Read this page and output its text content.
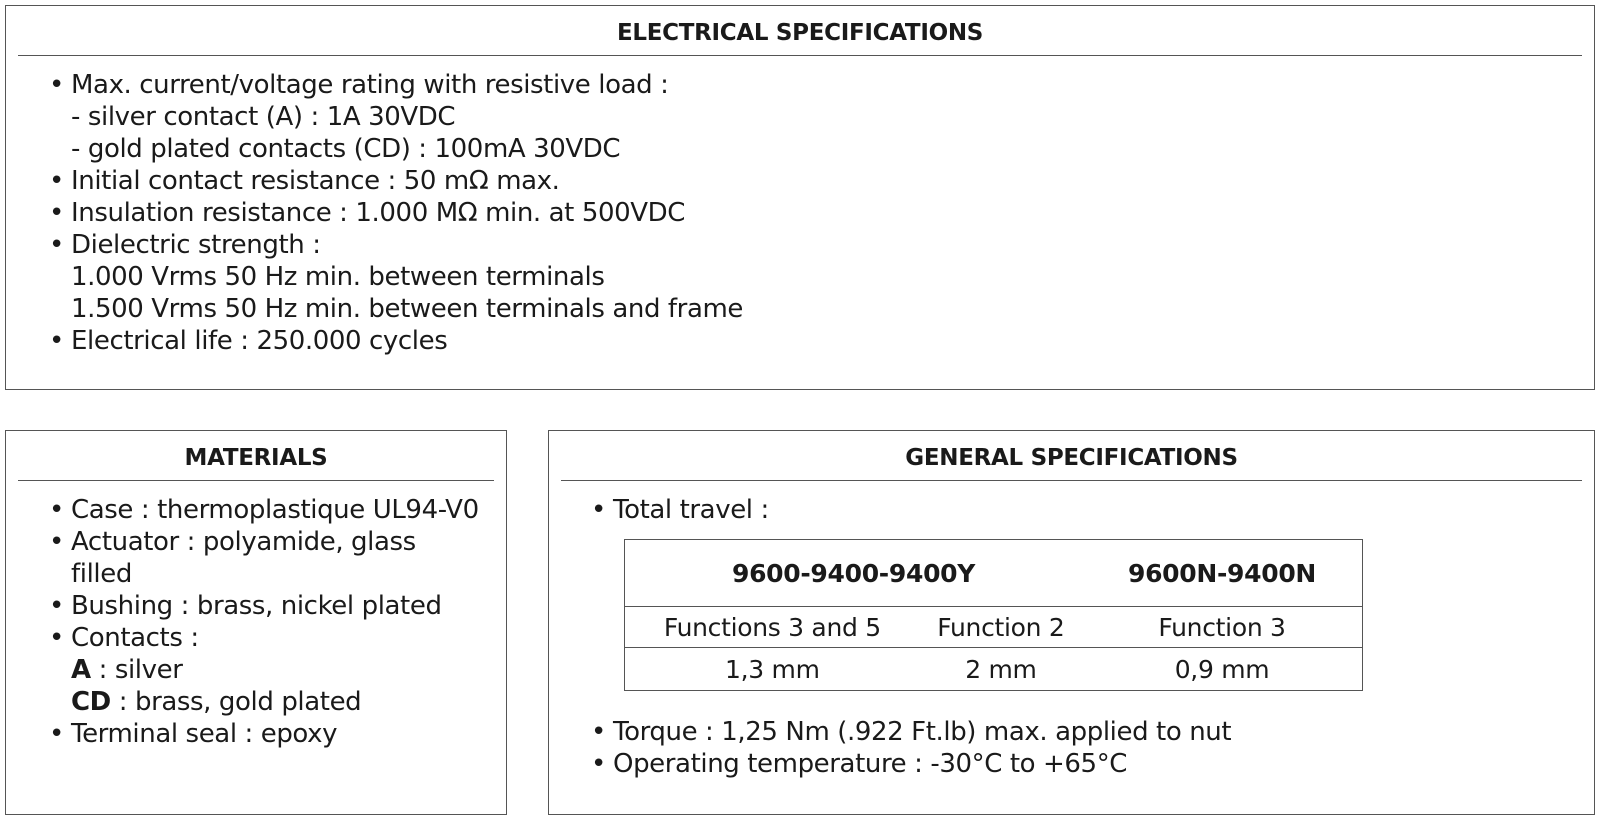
ELECTRICAL SPECIFICATIONS
• Max. current/voltage rating with resistive load :
- silver contact (A) : 1A 30VDC
- gold plated contacts (CD) : 100mA 30VDC
• Initial contact resistance : 50 mΩ max.
• Insulation resistance : 1.000 MΩ min. at 500VDC
• Dielectric strength :
1.000 Vrms 50 Hz min. between terminals
1.500 Vrms 50 Hz min. between terminals and frame
• Electrical life : 250.000 cycles
MATERIALS
• Case : thermoplastique UL94-V0
• Actuator : polyamide, glass
filled
• Bushing : brass, nickel plated
• Contacts :
A : silver
CD : brass, gold plated
• Terminal seal : epoxy
GENERAL SPECIFICATIONS
• Total travel :
9600-9400-9400Y		9600N-9400N
Functions 3 and 5	Function 2	Function 3
1,3 mm	2 mm	0,9 mm
• Torque : 1,25 Nm (.922 Ft.lb) max. applied to nut
• Operating temperature : -30°C to +65°C
